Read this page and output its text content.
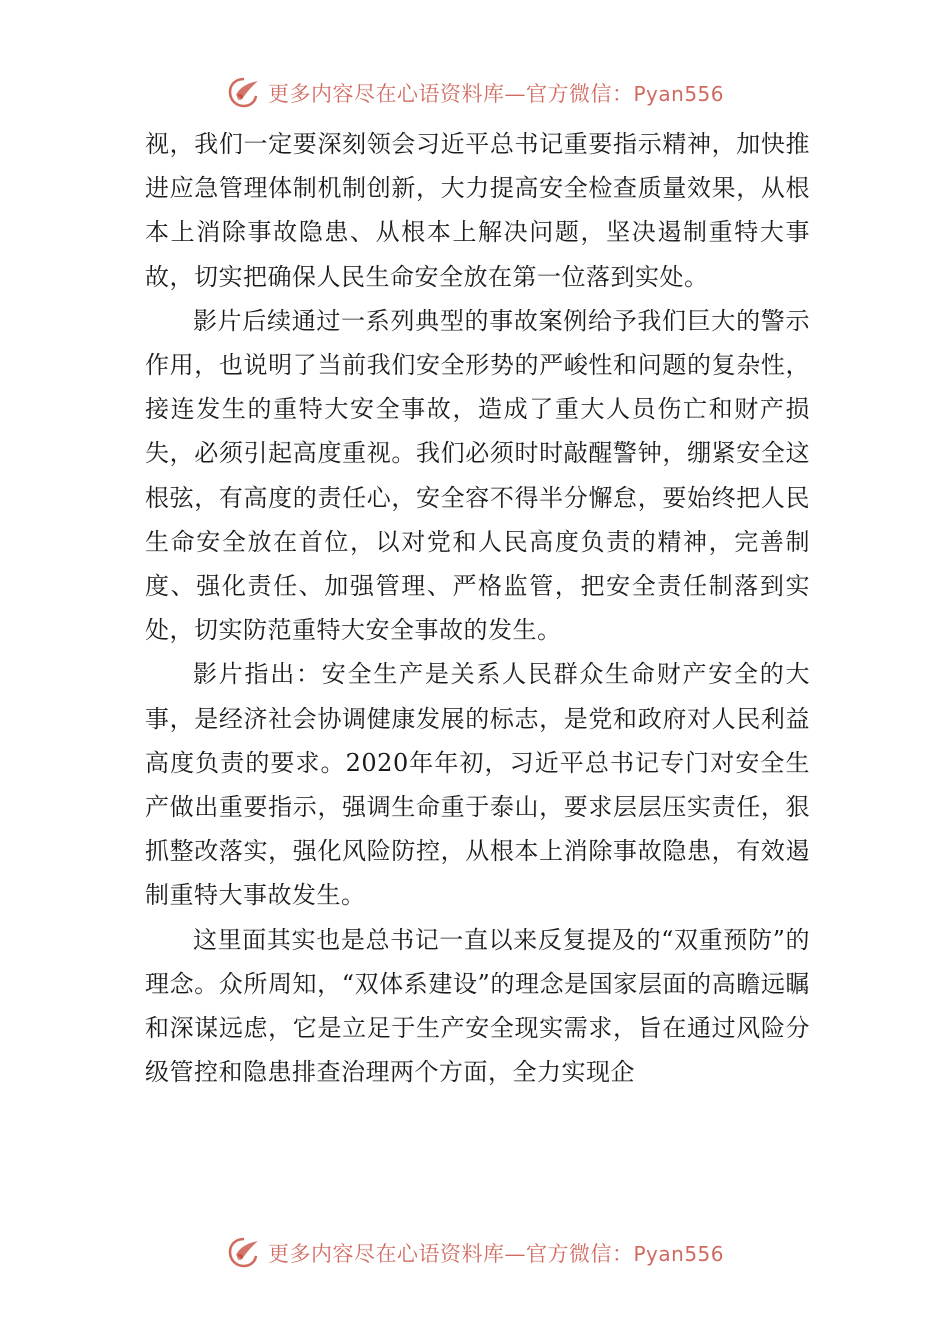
更多内容尽在心语资料库—官方微信：Pyan556

视，我们一定要深刻领会习近平总书记重要指示精神，加快推进应急管理体制机制创新，大力提高安全检查质量效果，从根本上消除事故隐患、从根本上解决问题，坚决遏制重特大事故，切实把确保人民生命安全放在第一位落到实处。

影片后续通过一系列典型的事故案例给予我们巨大的警示作用，也说明了当前我们安全形势的严峻性和问题的复杂性，接连发生的重特大安全事故，造成了重大人员伤亡和财产损失，必须引起高度重视。我们必须时时敲醒警钟，绷紧安全这根弦，有高度的责任心，安全容不得半分懈怠，要始终把人民生命安全放在首位，以对党和人民高度负责的精神，完善制度、强化责任、加强管理、严格监管，把安全责任制落到实处，切实防范重特大安全事故的发生。

影片指出：安全生产是关系人民群众生命财产安全的大事，是经济社会协调健康发展的标志，是党和政府对人民利益高度负责的要求。2020年年初，习近平总书记专门对安全生产做出重要指示，强调生命重于泰山，要求层层压实责任，狠抓整改落实，强化风险防控，从根本上消除事故隐患，有效遏制重特大事故发生。

这里面其实也是总书记一直以来反复提及的“双重预防”的理念。众所周知，“双体系建设”的理念是国家层面的高瞻远瞩和深谋远虑，它是立足于生产安全现实需求，旨在通过风险分级管控和隐患排查治理两个方面，全力实现企

更多内容尽在心语资料库—官方微信：Pyan556
